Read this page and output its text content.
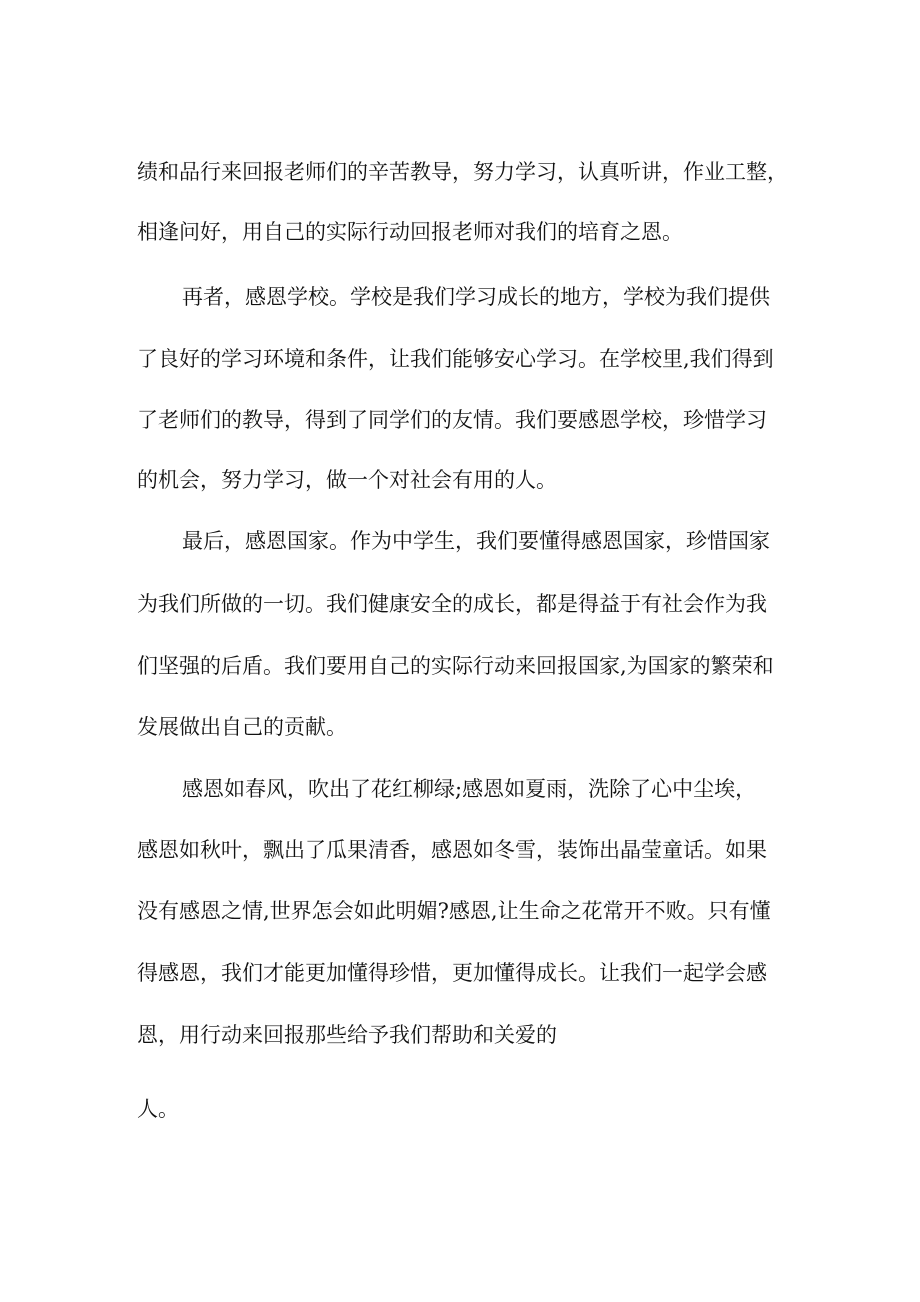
绩和品行来回报老师们的辛苦教导，努力学习，认真听讲，作业工整，
相逢问好，用自己的实际行动回报老师对我们的培育之恩。
再者，感恩学校。学校是我们学习成长的地方，学校为我们提供
了良好的学习环境和条件，让我们能够安心学习。在学校里,我们得到
了老师们的教导，得到了同学们的友情。我们要感恩学校，珍惜学习
的机会，努力学习，做一个对社会有用的人。
最后，感恩国家。作为中学生，我们要懂得感恩国家，珍惜国家
为我们所做的一切。我们健康安全的成长，都是得益于有社会作为我
们坚强的后盾。我们要用自己的实际行动来回报国家,为国家的繁荣和
发展做出自己的贡献。
感恩如春风，吹出了花红柳绿;感恩如夏雨，洗除了心中尘埃，
感恩如秋叶，飘出了瓜果清香，感恩如冬雪，装饰出晶莹童话。如果
没有感恩之情,世界怎会如此明媚?感恩,让生命之花常开不败。只有懂
得感恩，我们才能更加懂得珍惜，更加懂得成长。让我们一起学会感
恩，用行动来回报那些给予我们帮助和关爱的
人。
